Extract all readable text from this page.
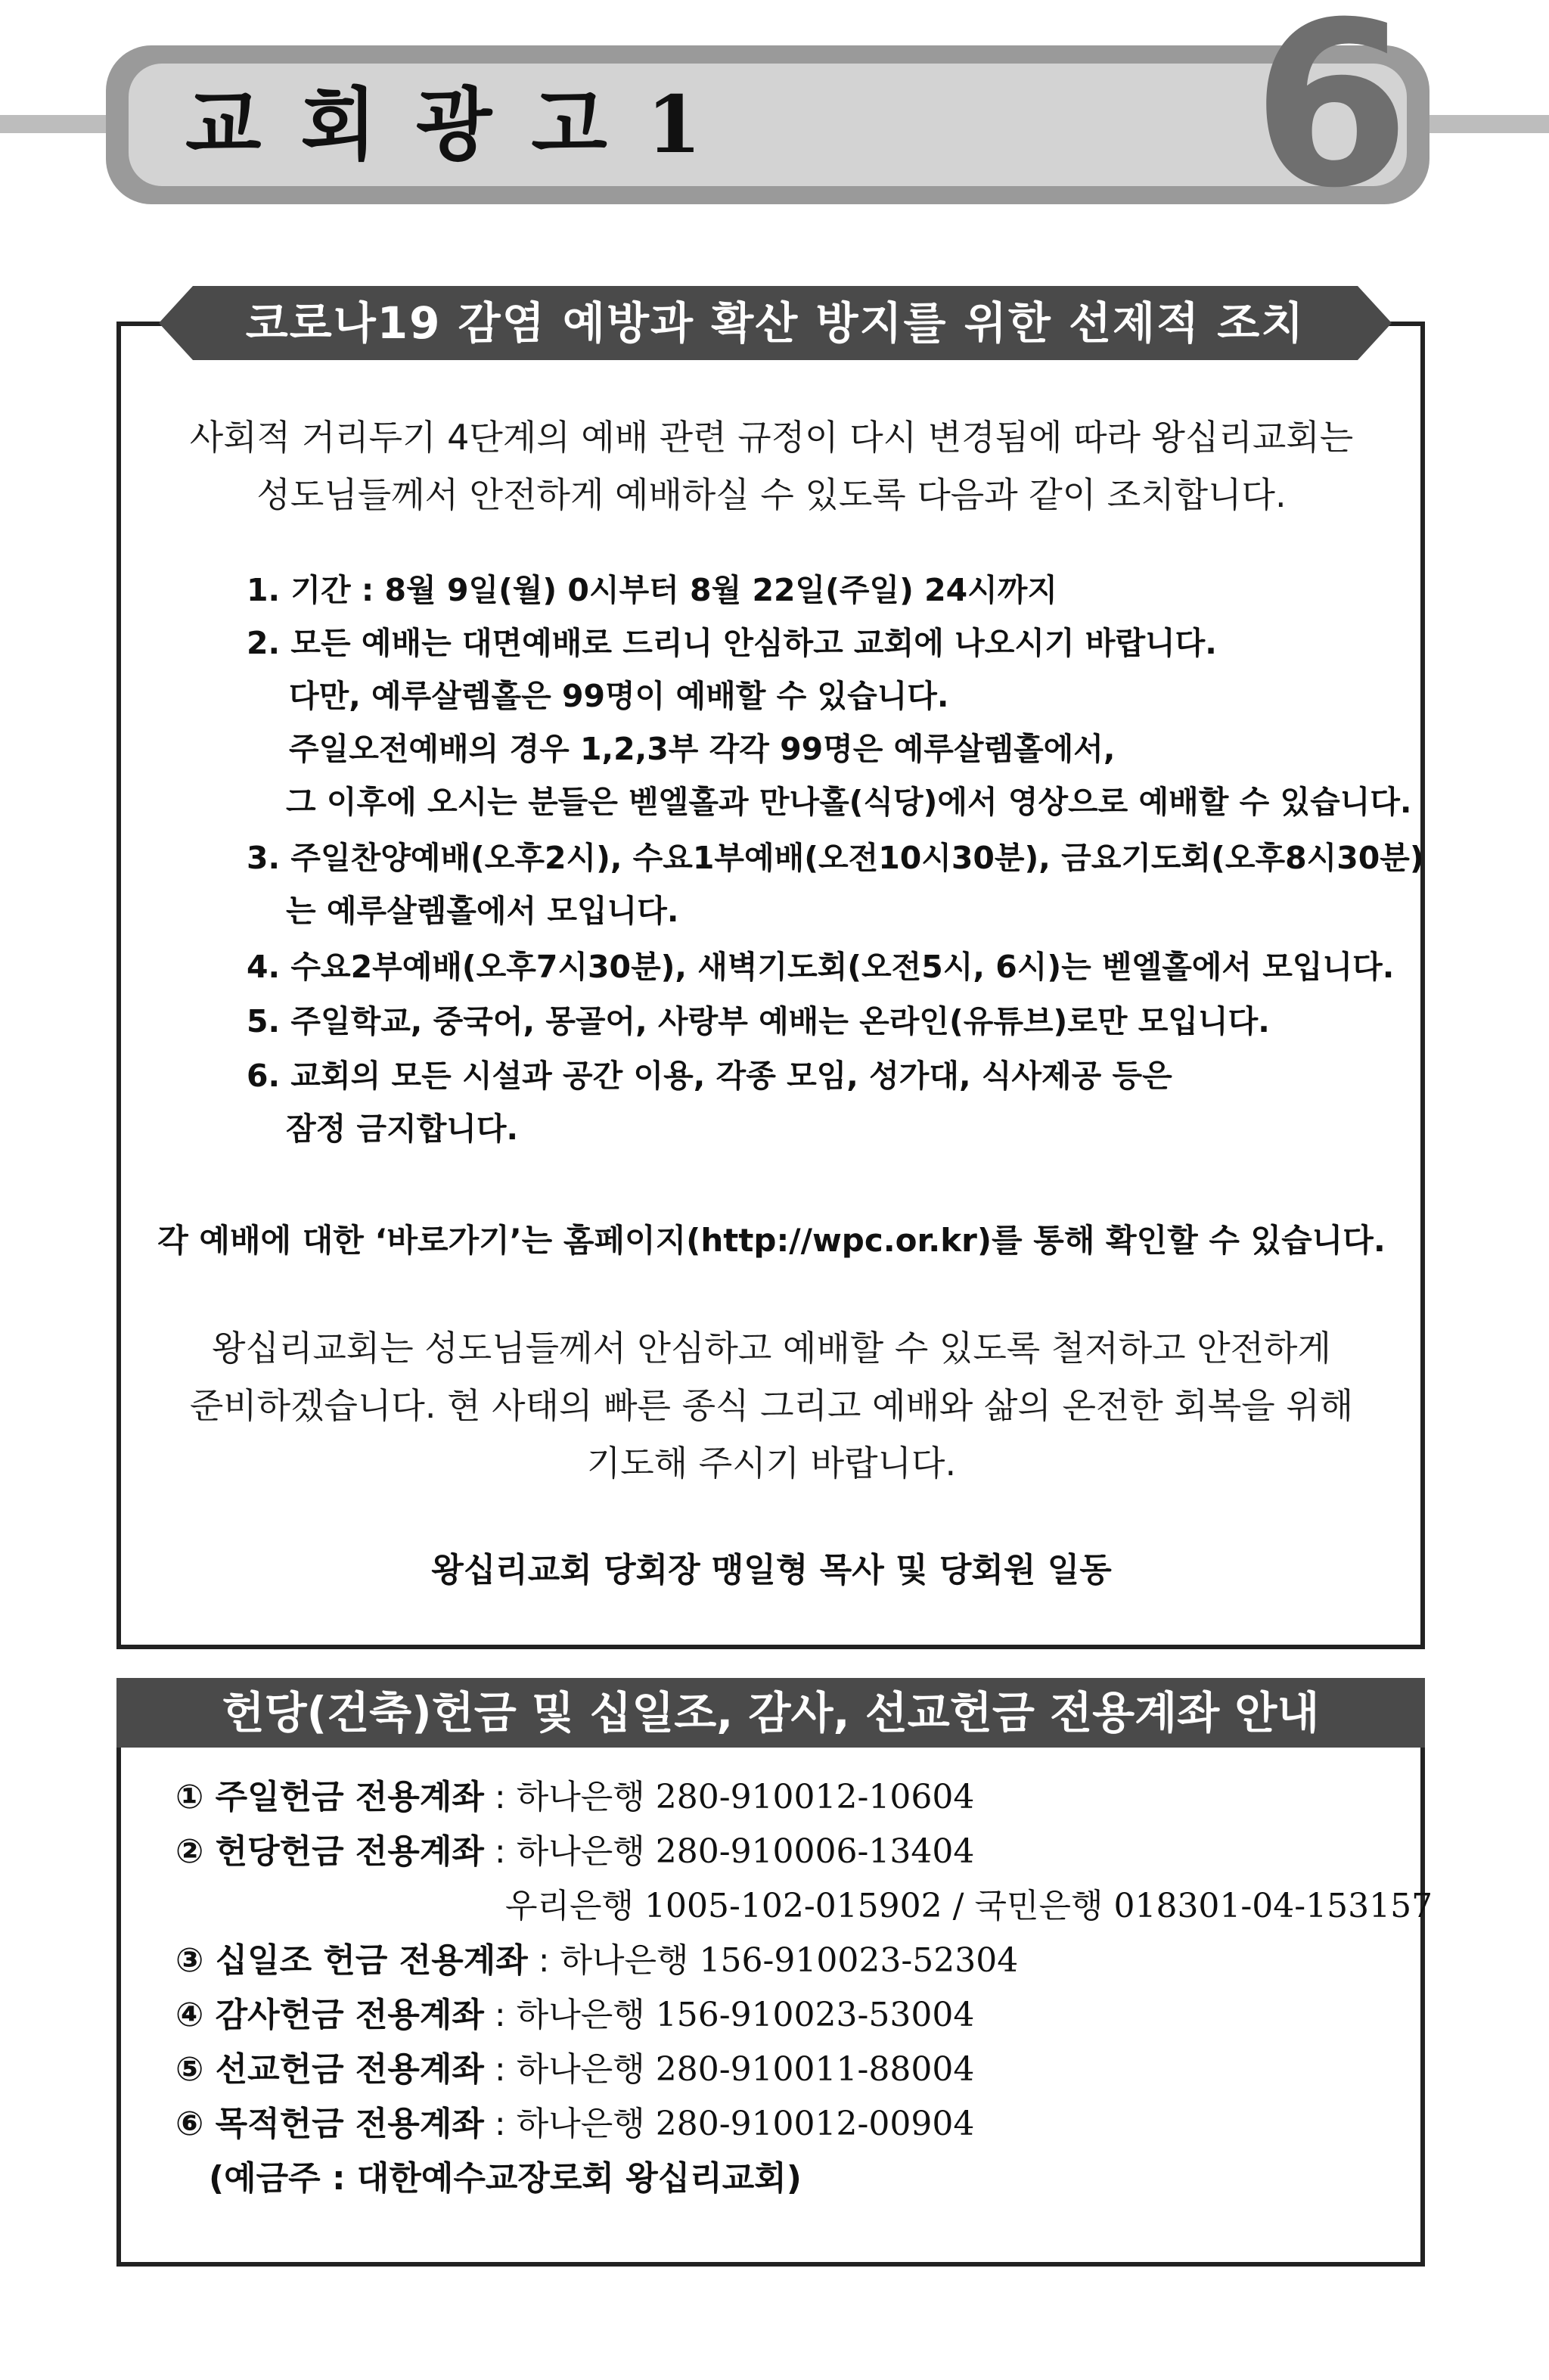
교회광고1 6
코로나19 감염 예방과 확산 방지를 위한 선제적 조치
사회적 거리두기 4단계의 예배 관련 규정이 다시 변경됨에 따라 왕십리교회는
성도님들께서 안전하게 예배하실 수 있도록 다음과 같이 조치합니다.
1. 기간 : 8월 9일(월) 0시부터 8월 22일(주일) 24시까지
2. 모든 예배는 대면예배로 드리니 안심하고 교회에 나오시기 바랍니다.
다만, 예루살렘홀은 99명이 예배할 수 있습니다.
주일오전예배의 경우 1,2,3부 각각 99명은 예루살렘홀에서,
그 이후에 오시는 분들은 벧엘홀과 만나홀(식당)에서 영상으로 예배할 수 있습니다.
3. 주일찬양예배(오후2시), 수요1부예배(오전10시30분), 금요기도회(오후8시30분)
는 예루살렘홀에서 모입니다.
4. 수요2부예배(오후7시30분), 새벽기도회(오전5시, 6시)는 벧엘홀에서 모입니다.
5. 주일학교, 중국어, 몽골어, 사랑부 예배는 온라인(유튜브)로만 모입니다.
6. 교회의 모든 시설과 공간 이용, 각종 모임, 성가대, 식사제공 등은
잠정 금지합니다.
각 예배에 대한 ‘바로가기’는 홈페이지(http://wpc.or.kr)를 통해 확인할 수 있습니다.
왕십리교회는 성도님들께서 안심하고 예배할 수 있도록 철저하고 안전하게
준비하겠습니다. 현 사태의 빠른 종식 그리고 예배와 삶의 온전한 회복을 위해
기도해 주시기 바랍니다.
왕십리교회 당회장 맹일형 목사 및 당회원 일동
헌당(건축)헌금 및 십일조, 감사, 선교헌금 전용계좌 안내
① 주일헌금 전용계좌 : 하나은행 280-910012-10604
② 헌당헌금 전용계좌 : 하나은행 280-910006-13404
우리은행 1005-102-015902 / 국민은행 018301-04-153157
③ 십일조 헌금 전용계좌 : 하나은행 156-910023-52304
④ 감사헌금 전용계좌 : 하나은행 156-910023-53004
⑤ 선교헌금 전용계좌 : 하나은행 280-910011-88004
⑥ 목적헌금 전용계좌 : 하나은행 280-910012-00904
(예금주 : 대한예수교장로회 왕십리교회)
